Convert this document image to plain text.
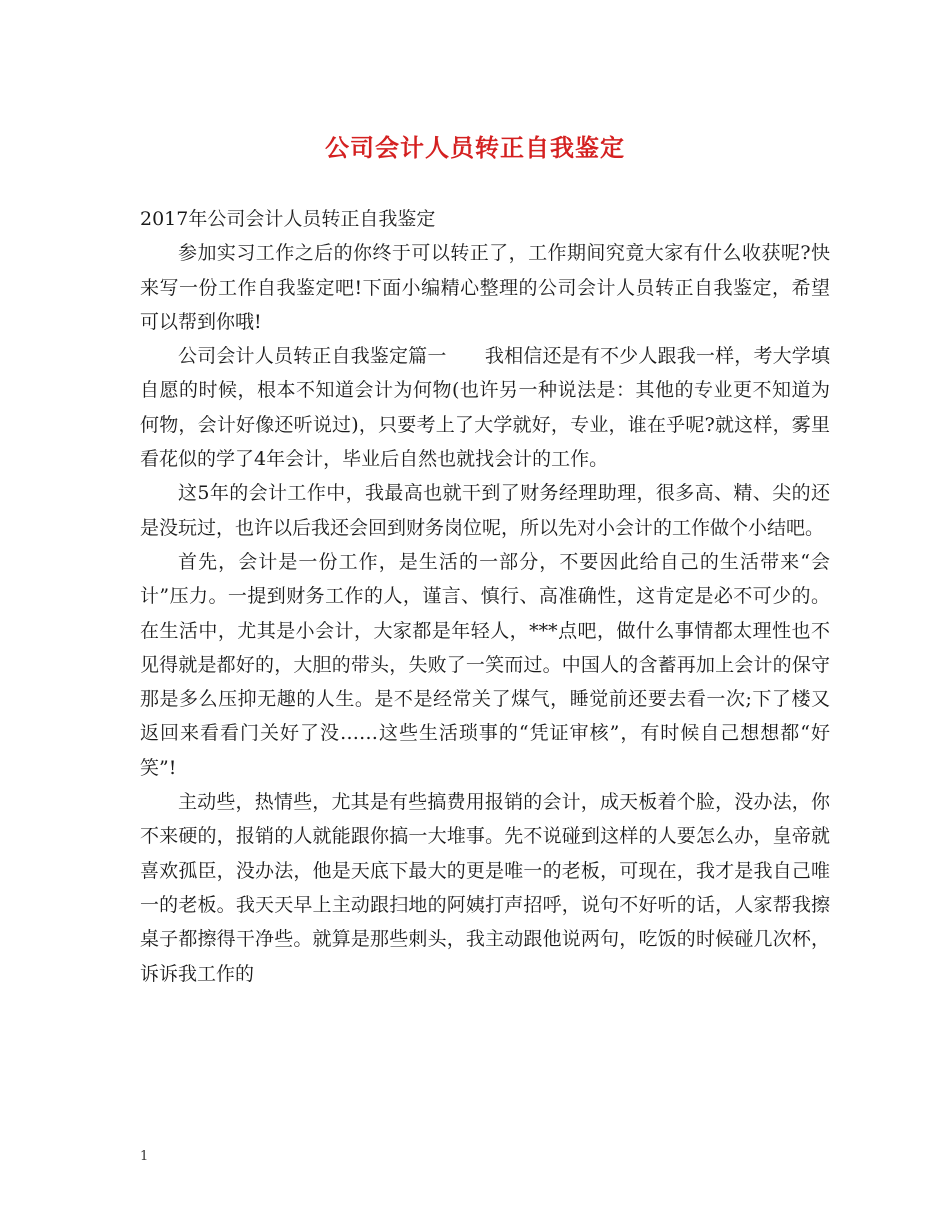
公司会计人员转正自我鉴定

2017年公司会计人员转正自我鉴定

参加实习工作之后的你终于可以转正了，工作期间究竟大家有什么收获呢?快来写一份工作自我鉴定吧!下面小编精心整理的公司会计人员转正自我鉴定，希望可以帮到你哦!

公司会计人员转正自我鉴定篇一　　我相信还是有不少人跟我一样，考大学填自愿的时候，根本不知道会计为何物(也许另一种说法是：其他的专业更不知道为何物，会计好像还听说过)，只要考上了大学就好，专业，谁在乎呢?就这样，雾里看花似的学了4年会计，毕业后自然也就找会计的工作。

这5年的会计工作中，我最高也就干到了财务经理助理，很多高、精、尖的还是没玩过，也许以后我还会回到财务岗位呢，所以先对小会计的工作做个小结吧。

首先，会计是一份工作，是生活的一部分，不要因此给自己的生活带来“会计”压力。一提到财务工作的人，谨言、慎行、高准确性，这肯定是必不可少的。在生活中，尤其是小会计，大家都是年轻人，***点吧，做什么事情都太理性也不见得就是都好的，大胆的带头，失败了一笑而过。中国人的含蓄再加上会计的保守那是多么压抑无趣的人生。是不是经常关了煤气，睡觉前还要去看一次;下了楼又返回来看看门关好了没……这些生活琐事的“凭证审核”，有时候自己想想都“好笑”!

主动些，热情些，尤其是有些搞费用报销的会计，成天板着个脸，没办法，你不来硬的，报销的人就能跟你搞一大堆事。先不说碰到这样的人要怎么办，皇帝就喜欢孤臣，没办法，他是天底下最大的更是唯一的老板，可现在，我才是我自己唯一的老板。我天天早上主动跟扫地的阿姨打声招呼，说句不好听的话，人家帮我擦桌子都擦得干净些。就算是那些刺头，我主动跟他说两句，吃饭的时候碰几次杯，诉诉我工作的

1
